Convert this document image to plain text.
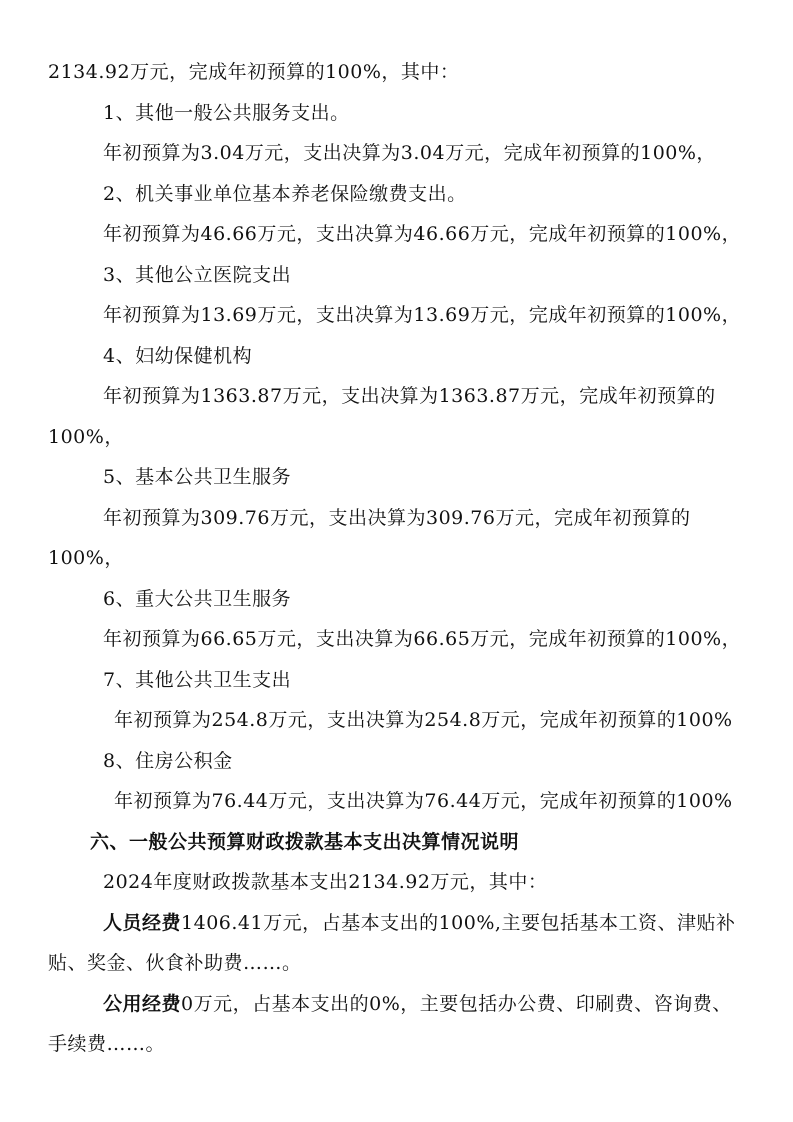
2134.92万元，完成年初预算的100%，其中：
1、其他一般公共服务支出。
年初预算为3.04万元，支出决算为3.04万元，完成年初预算的100%，
2、机关事业单位基本养老保险缴费支出。
年初预算为46.66万元，支出决算为46.66万元，完成年初预算的100%，
3、其他公立医院支出
年初预算为13.69万元，支出决算为13.69万元，完成年初预算的100%，
4、妇幼保健机构
年初预算为1363.87万元，支出决算为1363.87万元，完成年初预算的
100%，
5、基本公共卫生服务
年初预算为309.76万元，支出决算为309.76万元，完成年初预算的
100%，
6、重大公共卫生服务
年初预算为66.65万元，支出决算为66.65万元，完成年初预算的100%，
7、其他公共卫生支出
年初预算为254.8万元，支出决算为254.8万元，完成年初预算的100%
8、住房公积金
年初预算为76.44万元，支出决算为76.44万元，完成年初预算的100%
六、一般公共预算财政拨款基本支出决算情况说明
2024年度财政拨款基本支出2134.92万元，其中：
人员经费1406.41万元，占基本支出的100%,主要包括基本工资、津贴补
贴、奖金、伙食补助费……。
公用经费0万元，占基本支出的0%，主要包括办公费、印刷费、咨询费、
手续费……。
